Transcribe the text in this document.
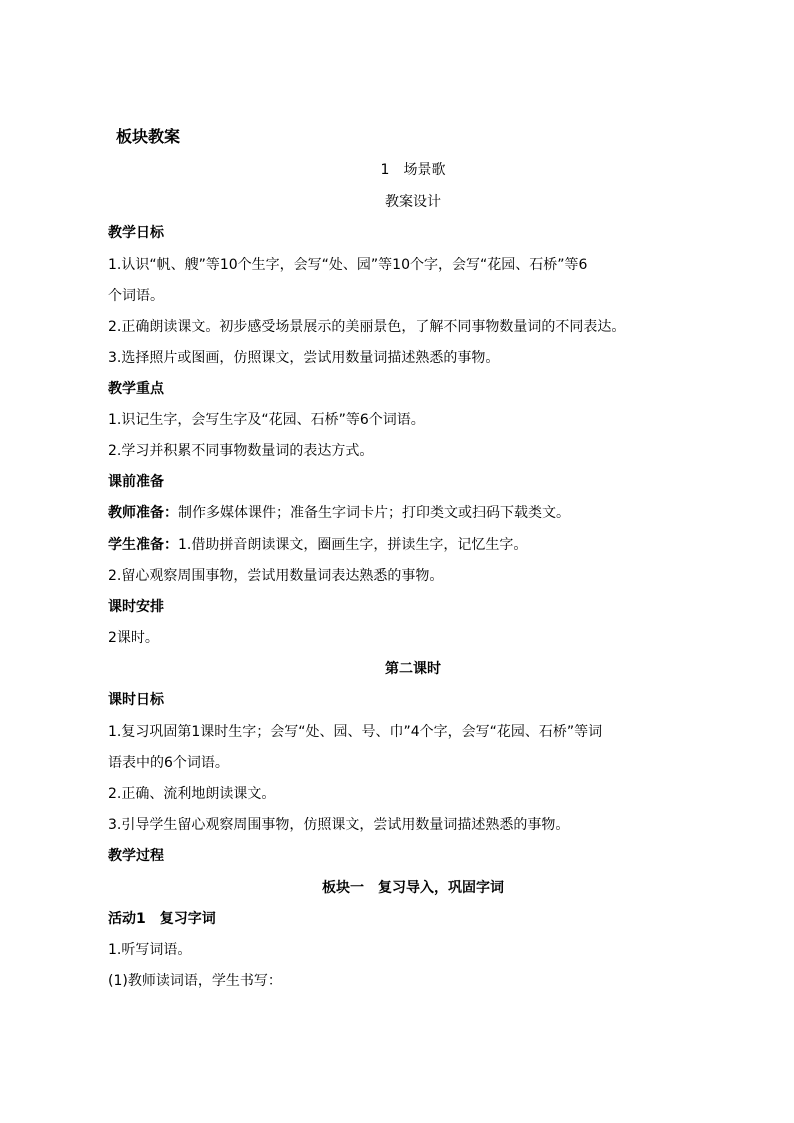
板块教案
1　场景歌
教案设计
教学日标
1.认识“帆、艘”等10个生字，会写“处、园”等10个字，会写“花园、石桥”等6
个词语。
2.正确朗读课文。初步感受场景展示的美丽景色，了解不同事物数量词的不同表达。
3.选择照片或图画，仿照课文，尝试用数量词描述熟悉的事物。
教学重点
1.识记生字，会写生字及“花园、石桥”等6个词语。
2.学习并积累不同事物数量词的表达方式。
课前准备
教师准备：制作多媒体课件；准备生字词卡片；打印类文或扫码下载类文。
学生准备：1.借助拼音朗读课文，圈画生字，拼读生字，记忆生字。
2.留心观察周围事物，尝试用数量词表达熟悉的事物。
课时安排
2课时。
第二课时
课时日标
1.复习巩固第1课时生字；会写“处、园、号、巾”4个字，会写“花园、石桥”等词
语表中的6个词语。
2.正确、流利地朗读课文。
3.引导学生留心观察周围事物，仿照课文，尝试用数量词描述熟悉的事物。
教学过程
板块一　复习导入，巩固字词
活动1　复习字词
1.听写词语。
(1)教师读词语，学生书写：
